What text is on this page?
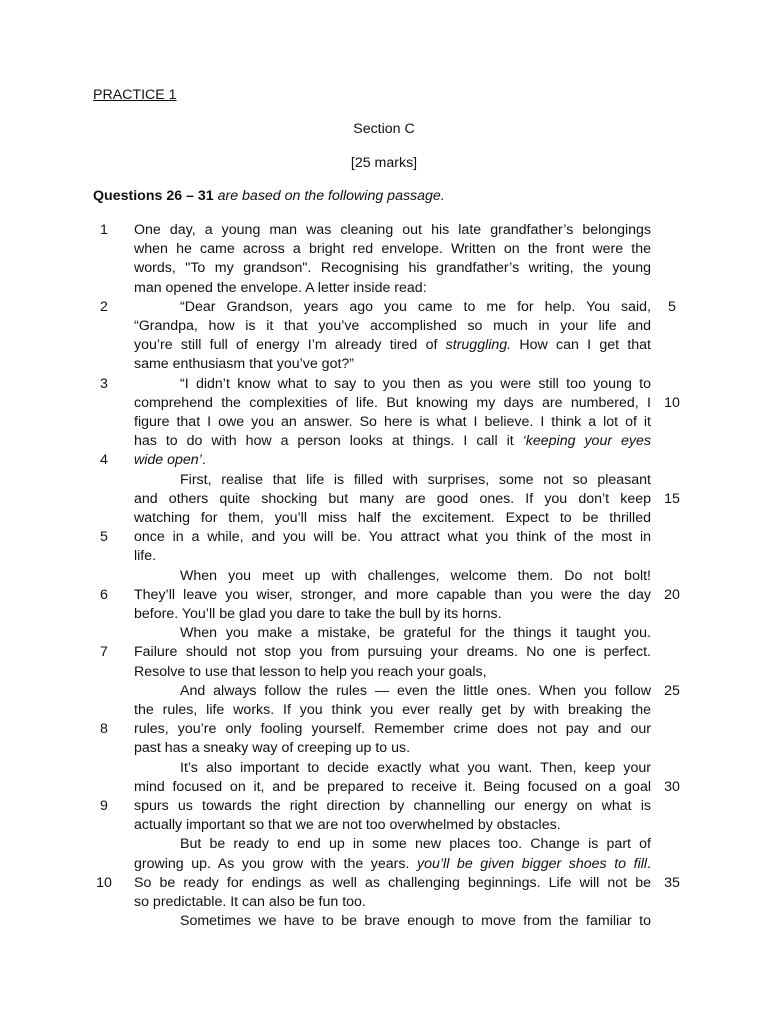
PRACTICE 1
Section C
[25 marks]
Questions 26 – 31 are based on the following passage.
1	One day, a young man was cleaning out his late grandfather’s belongings
when he came across a bright red envelope. Written on the front were the
words, "To my grandson". Recognising his grandfather’s writing, the young
man opened the envelope. A letter inside read:
2	“Dear Grandson, years ago you came to me for help. You said,	5
“Grandpa, how is it that you’ve accomplished so much in your life and
you’re still full of energy I’m already tired of struggling. How can I get that
same enthusiasm that you’ve got?”
3	“I didn’t know what to say to you then as you were still too young to
comprehend the complexities of life. But knowing my days are numbered, I 10
figure that I owe you an answer. So here is what I believe. I think a lot of it
has to do with how a person looks at things. I call it ‘keeping your eyes
4	wide open’.
First, realise that life is filled with surprises, some not so pleasant
and others quite shocking but many are good ones. If you don’t keep 15
watching for them, you’ll miss half the excitement. Expect to be thrilled
5	once in a while, and you will be. You attract what you think of the most in
life.
When you meet up with challenges, welcome them. Do not bolt!
6	They’ll leave you wiser, stronger, and more capable than you were the day 20
before. You’ll be glad you dare to take the bull by its horns.
When you make a mistake, be grateful for the things it taught you.
7	Failure should not stop you from pursuing your dreams. No one is perfect.
Resolve to use that lesson to help you reach your goals,
And always follow the rules — even the little ones. When you follow 25
the rules, life works. If you think you ever really get by with breaking the
8	rules, you’re only fooling yourself. Remember crime does not pay and our
past has a sneaky way of creeping up to us.
It’s also important to decide exactly what you want. Then, keep your
mind focused on it, and be prepared to receive it. Being focused on a goal 30
9	spurs us towards the right direction by channelling our energy on what is
actually important so that we are not too overwhelmed by obstacles.
But be ready to end up in some new places too. Change is part of
growing up. As you grow with the years. you’ll be given bigger shoes to fill.
10 So be ready for endings as well as challenging beginnings. Life will not be 35
so predictable. It can also be fun too.
Sometimes we have to be brave enough to move from the familiar to
